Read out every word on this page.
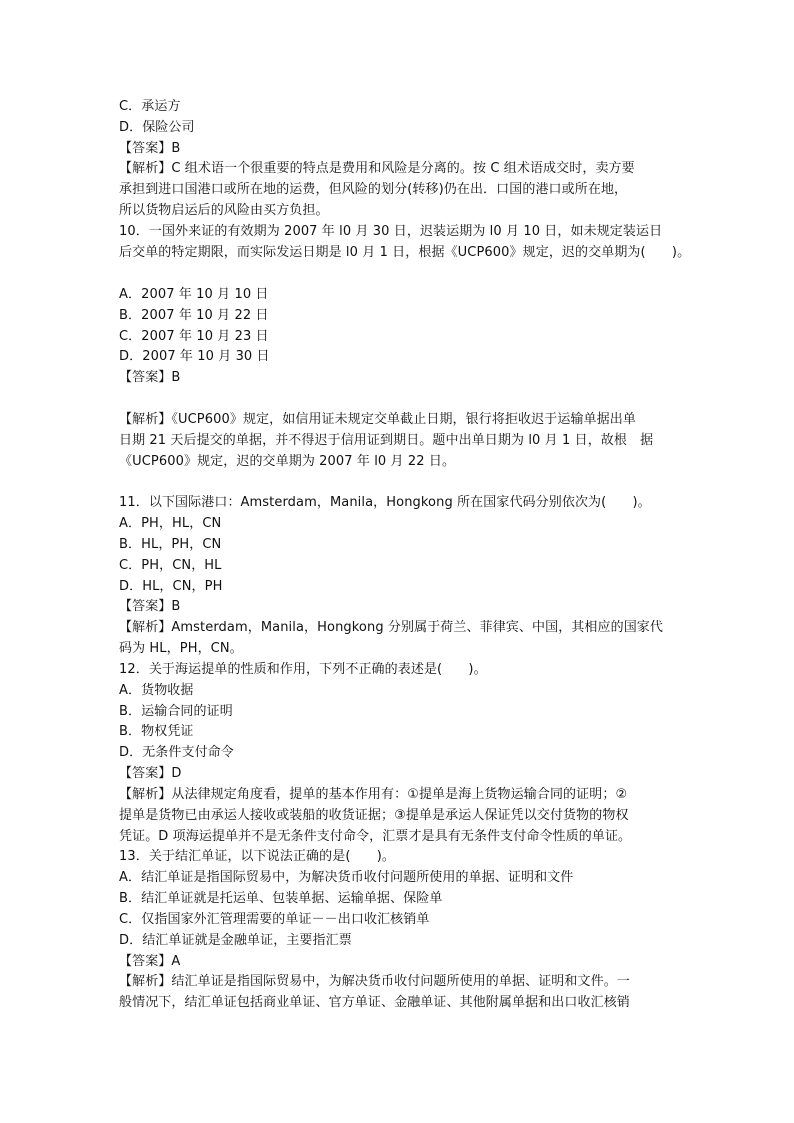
C．承运方
D．保险公司
【答案】B
【解析】C 组术语一个很重要的特点是费用和风险是分离的。按 C 组术语成交时，卖方要
承担到进口国港口或所在地的运费，但风险的划分(转移)仍在出．口国的港口或所在地，
所以货物启运后的风险由买方负担。
10．一国外来证的有效期为 2007 年 l0 月 30 日，迟装运期为 l0 月 10 日，如未规定装运日
后交单的特定期限，而实际发运日期是 l0 月 1 日，根据《UCP600》规定，迟的交单期为(　　)。
A．2007 年 10 月 10 日
B．2007 年 10 月 22 日
C．2007 年 10 月 23 日
D．2007 年 10 月 30 日
【答案】B
【解析】《UCP600》规定，如信用证未规定交单截止日期，银行将拒收迟于运输单据出单
日期 21 天后提交的单据，并不得迟于信用证到期日。题中出单日期为 l0 月 1 日，故根　据
《UCP600》规定，迟的交单期为 2007 年 l0 月 22 日。
11．以下国际港口：Amsterdam，Manila，Hongkong 所在国家代码分别依次为(　　)。
A．PH，HL，CN
B．HL，PH，CN
C．PH，CN，HL
D．HL，CN，PH
【答案】B
【解析】Amsterdam，Manila，Hongkong 分别属于荷兰、菲律宾、中国，其相应的国家代
码为 HL，PH，CN。
12．关于海运提单的性质和作用，下列不正确的表述是(　　)。
A．货物收据
B．运输合同的证明
B．物权凭证
D．无条件支付命令
【答案】D
【解析】从法律规定角度看，提单的基本作用有：①提单是海上货物运输合同的证明；②
提单是货物已由承运人接收或装船的收货证据；③提单是承运人保证凭以交付货物的物权
凭证。D 项海运提单并不是无条件支付命令，汇票才是具有无条件支付命令性质的单证。
13．关于结汇单证，以下说法正确的是(　　)。
A．结汇单证是指国际贸易中，为解决货币收付问题所使用的单据、证明和文件
B．结汇单证就是托运单、包装单据、运输单据、保险单
C．仅指国家外汇管理需要的单证－－出口收汇核销单
D．结汇单证就是金融单证，主要指汇票
【答案】A
【解析】结汇单证是指国际贸易中，为解决货币收付问题所使用的单据、证明和文件。一
般情况下，结汇单证包括商业单证、官方单证、金融单证、其他附属单据和出口收汇核销
